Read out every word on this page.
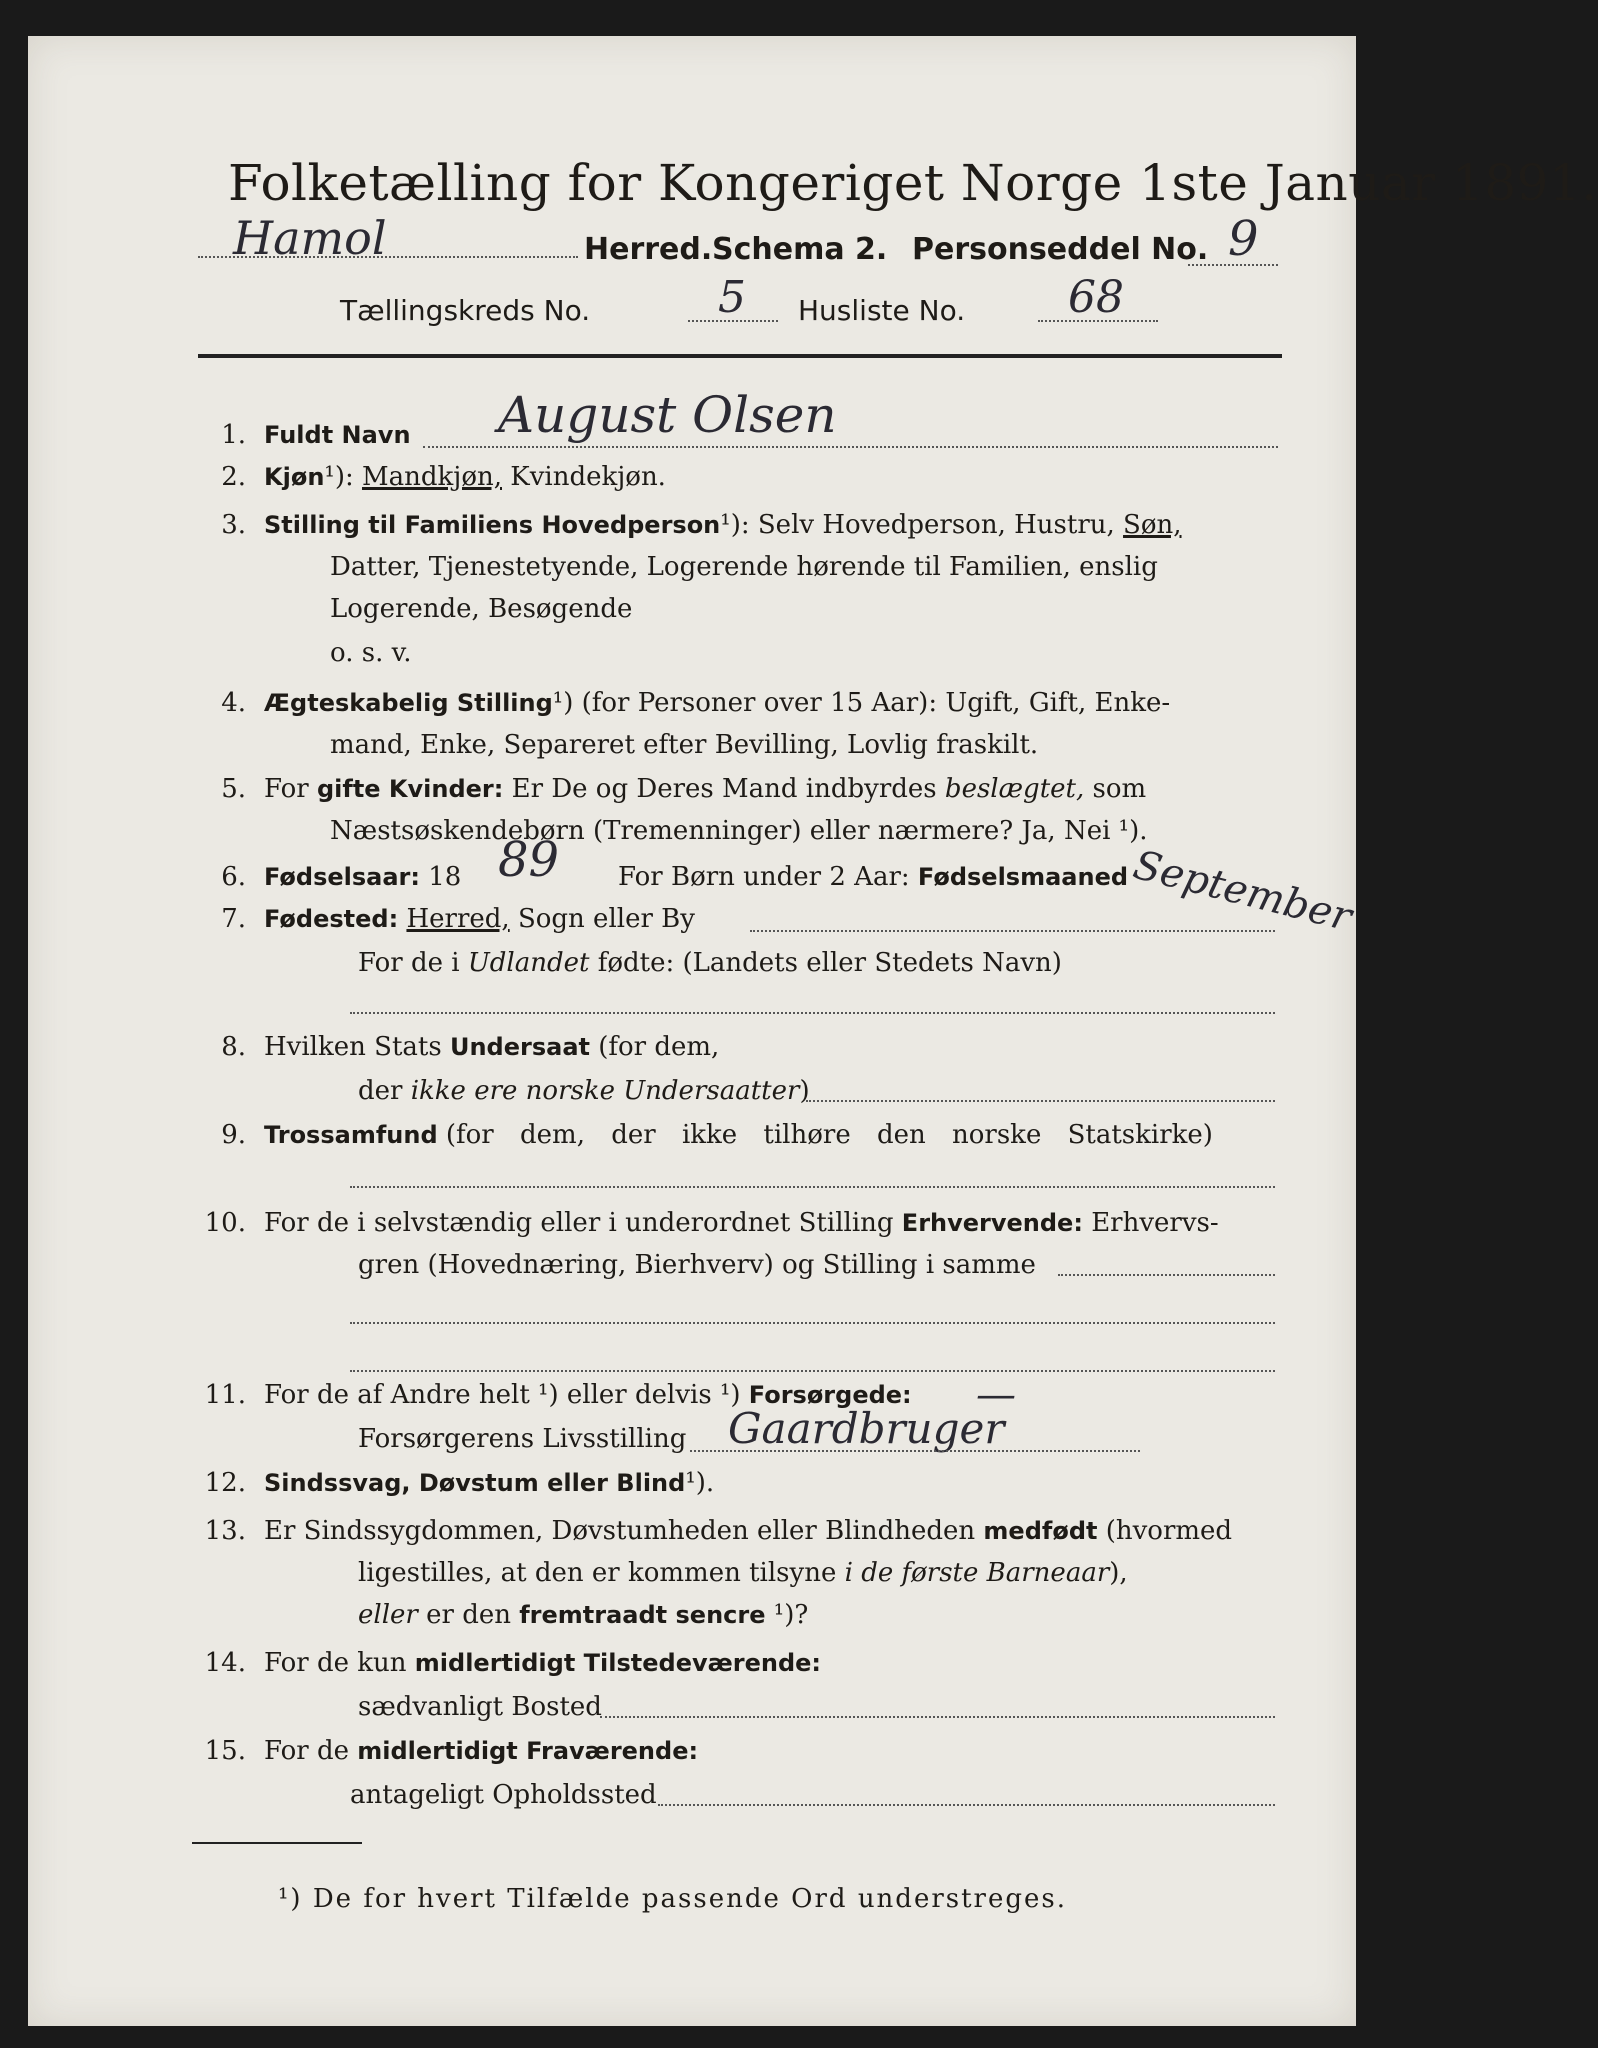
Folketælling for Kongeriget Norge 1ste Januar 1891.
Hamol	Herred. Schema 2. Personseddel No. 9
Tællingskreds No.	5 Husliste No. 68
1. Fuldt Navn August Olsen
2. Kjøn¹): Mandkjøn, Kvindekjøn.
3. Stilling til Familiens Hovedperson¹): Selv Hovedperson, Hustru, Søn,
Datter, Tjenestetyende, Logerende hørende til Familien, enslig
Logerende, Besøgende
o. s. v.
4. Ægteskabelig Stilling¹) (for Personer over 15 Aar): Ugift, Gift, Enke-
mand, Enke, Separeret efter Bevilling, Lovlig fraskilt.
5. For gifte Kvinder: Er De og Deres Mand indbyrdes beslægtet, som
Næstsøskendebørn (Tremenninger) eller nærmere? Ja, Nei ¹).
6. Fødselsaar: 18 89 For Børn under 2 Aar: Fødselsmaaned September
7. Fødested: Herred, Sogn eller By
For de i Udlandet fødte: (Landets eller Stedets Navn)
8. Hvilken Stats Undersaat (for dem,
der ikke ere norske Undersaatter)
9. Trossamfund (for dem, der ikke tilhøre den norske Statskirke)
10. For de i selvstændig eller i underordnet Stilling Erhvervende: Erhvervs-
gren (Hovednæring, Bierhverv) og Stilling i samme
11. For de af Andre helt ¹) eller delvis ¹) Forsørgede: —
Forsørgerens Livsstilling Gaardbruger
12. Sindssvag, Døvstum eller Blind¹).
13. Er Sindssygdommen, Døvstumheden eller Blindheden medfødt (hvormed
ligestilles, at den er kommen tilsyne i de første Barneaar),
eller er den fremtraadt sencre ¹)?
14. For de kun midlertidigt Tilstedeværende:
sædvanligt Bosted
15. For de midlertidigt Fraværende:
antageligt Opholdssted
¹) De for hvert Tilfælde passende Ord understreges.
